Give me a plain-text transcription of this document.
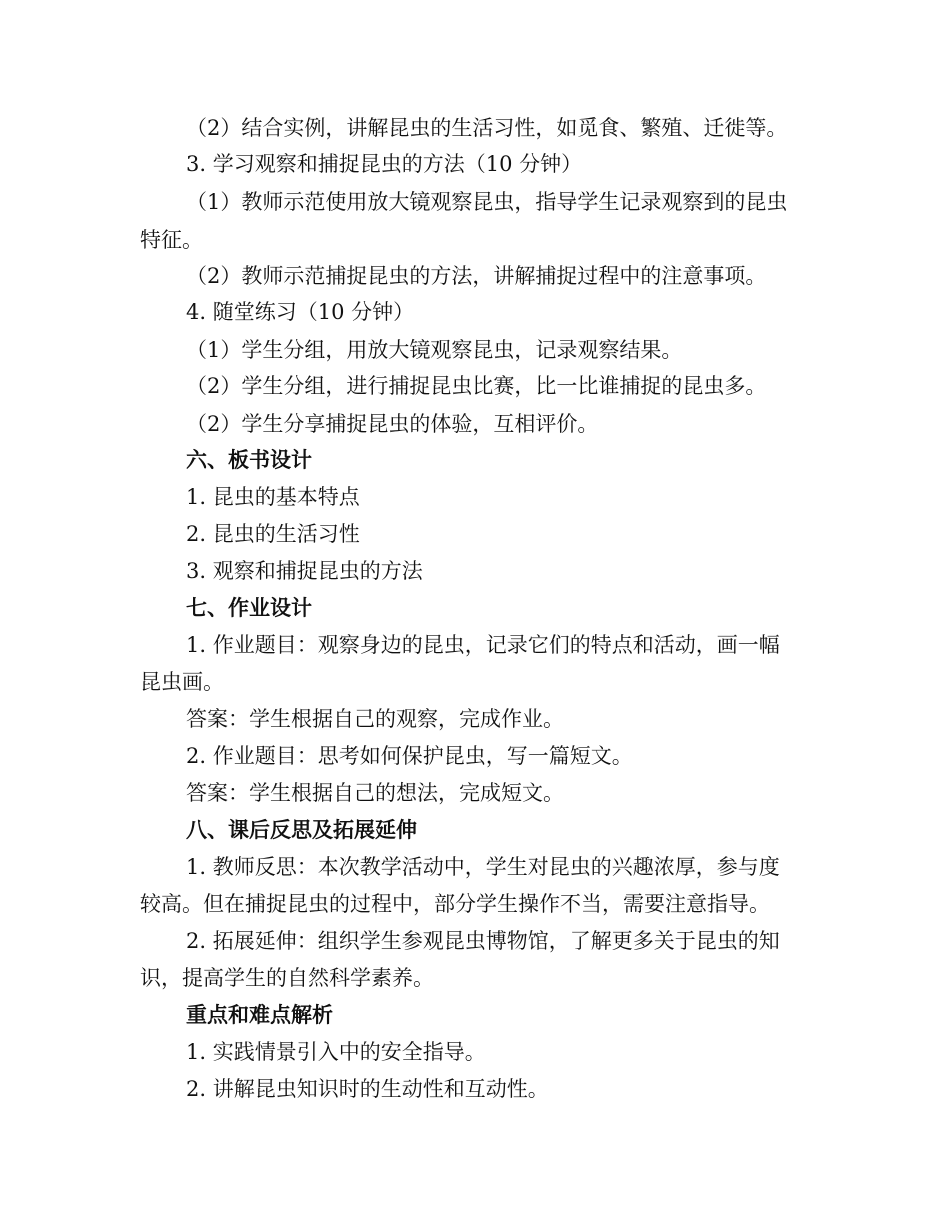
（2）结合实例，讲解昆虫的生活习性，如觅食、繁殖、迁徙等。
3. 学习观察和捕捉昆虫的方法（10 分钟）
（1）教师示范使用放大镜观察昆虫，指导学生记录观察到的昆虫
特征。
（2）教师示范捕捉昆虫的方法，讲解捕捉过程中的注意事项。
4. 随堂练习（10 分钟）
（1）学生分组，用放大镜观察昆虫，记录观察结果。
（2）学生分组，进行捕捉昆虫比赛，比一比谁捕捉的昆虫多。
（2）学生分享捕捉昆虫的体验，互相评价。
六、板书设计
1. 昆虫的基本特点
2. 昆虫的生活习性
3. 观察和捕捉昆虫的方法
七、作业设计
1. 作业题目：观察身边的昆虫，记录它们的特点和活动，画一幅
昆虫画。
答案：学生根据自己的观察，完成作业。
2. 作业题目：思考如何保护昆虫，写一篇短文。
答案：学生根据自己的想法，完成短文。
八、课后反思及拓展延伸
1. 教师反思：本次教学活动中，学生对昆虫的兴趣浓厚，参与度
较高。但在捕捉昆虫的过程中，部分学生操作不当，需要注意指导。
2. 拓展延伸：组织学生参观昆虫博物馆，了解更多关于昆虫的知
识，提高学生的自然科学素养。
重点和难点解析
1. 实践情景引入中的安全指导。
2. 讲解昆虫知识时的生动性和互动性。
